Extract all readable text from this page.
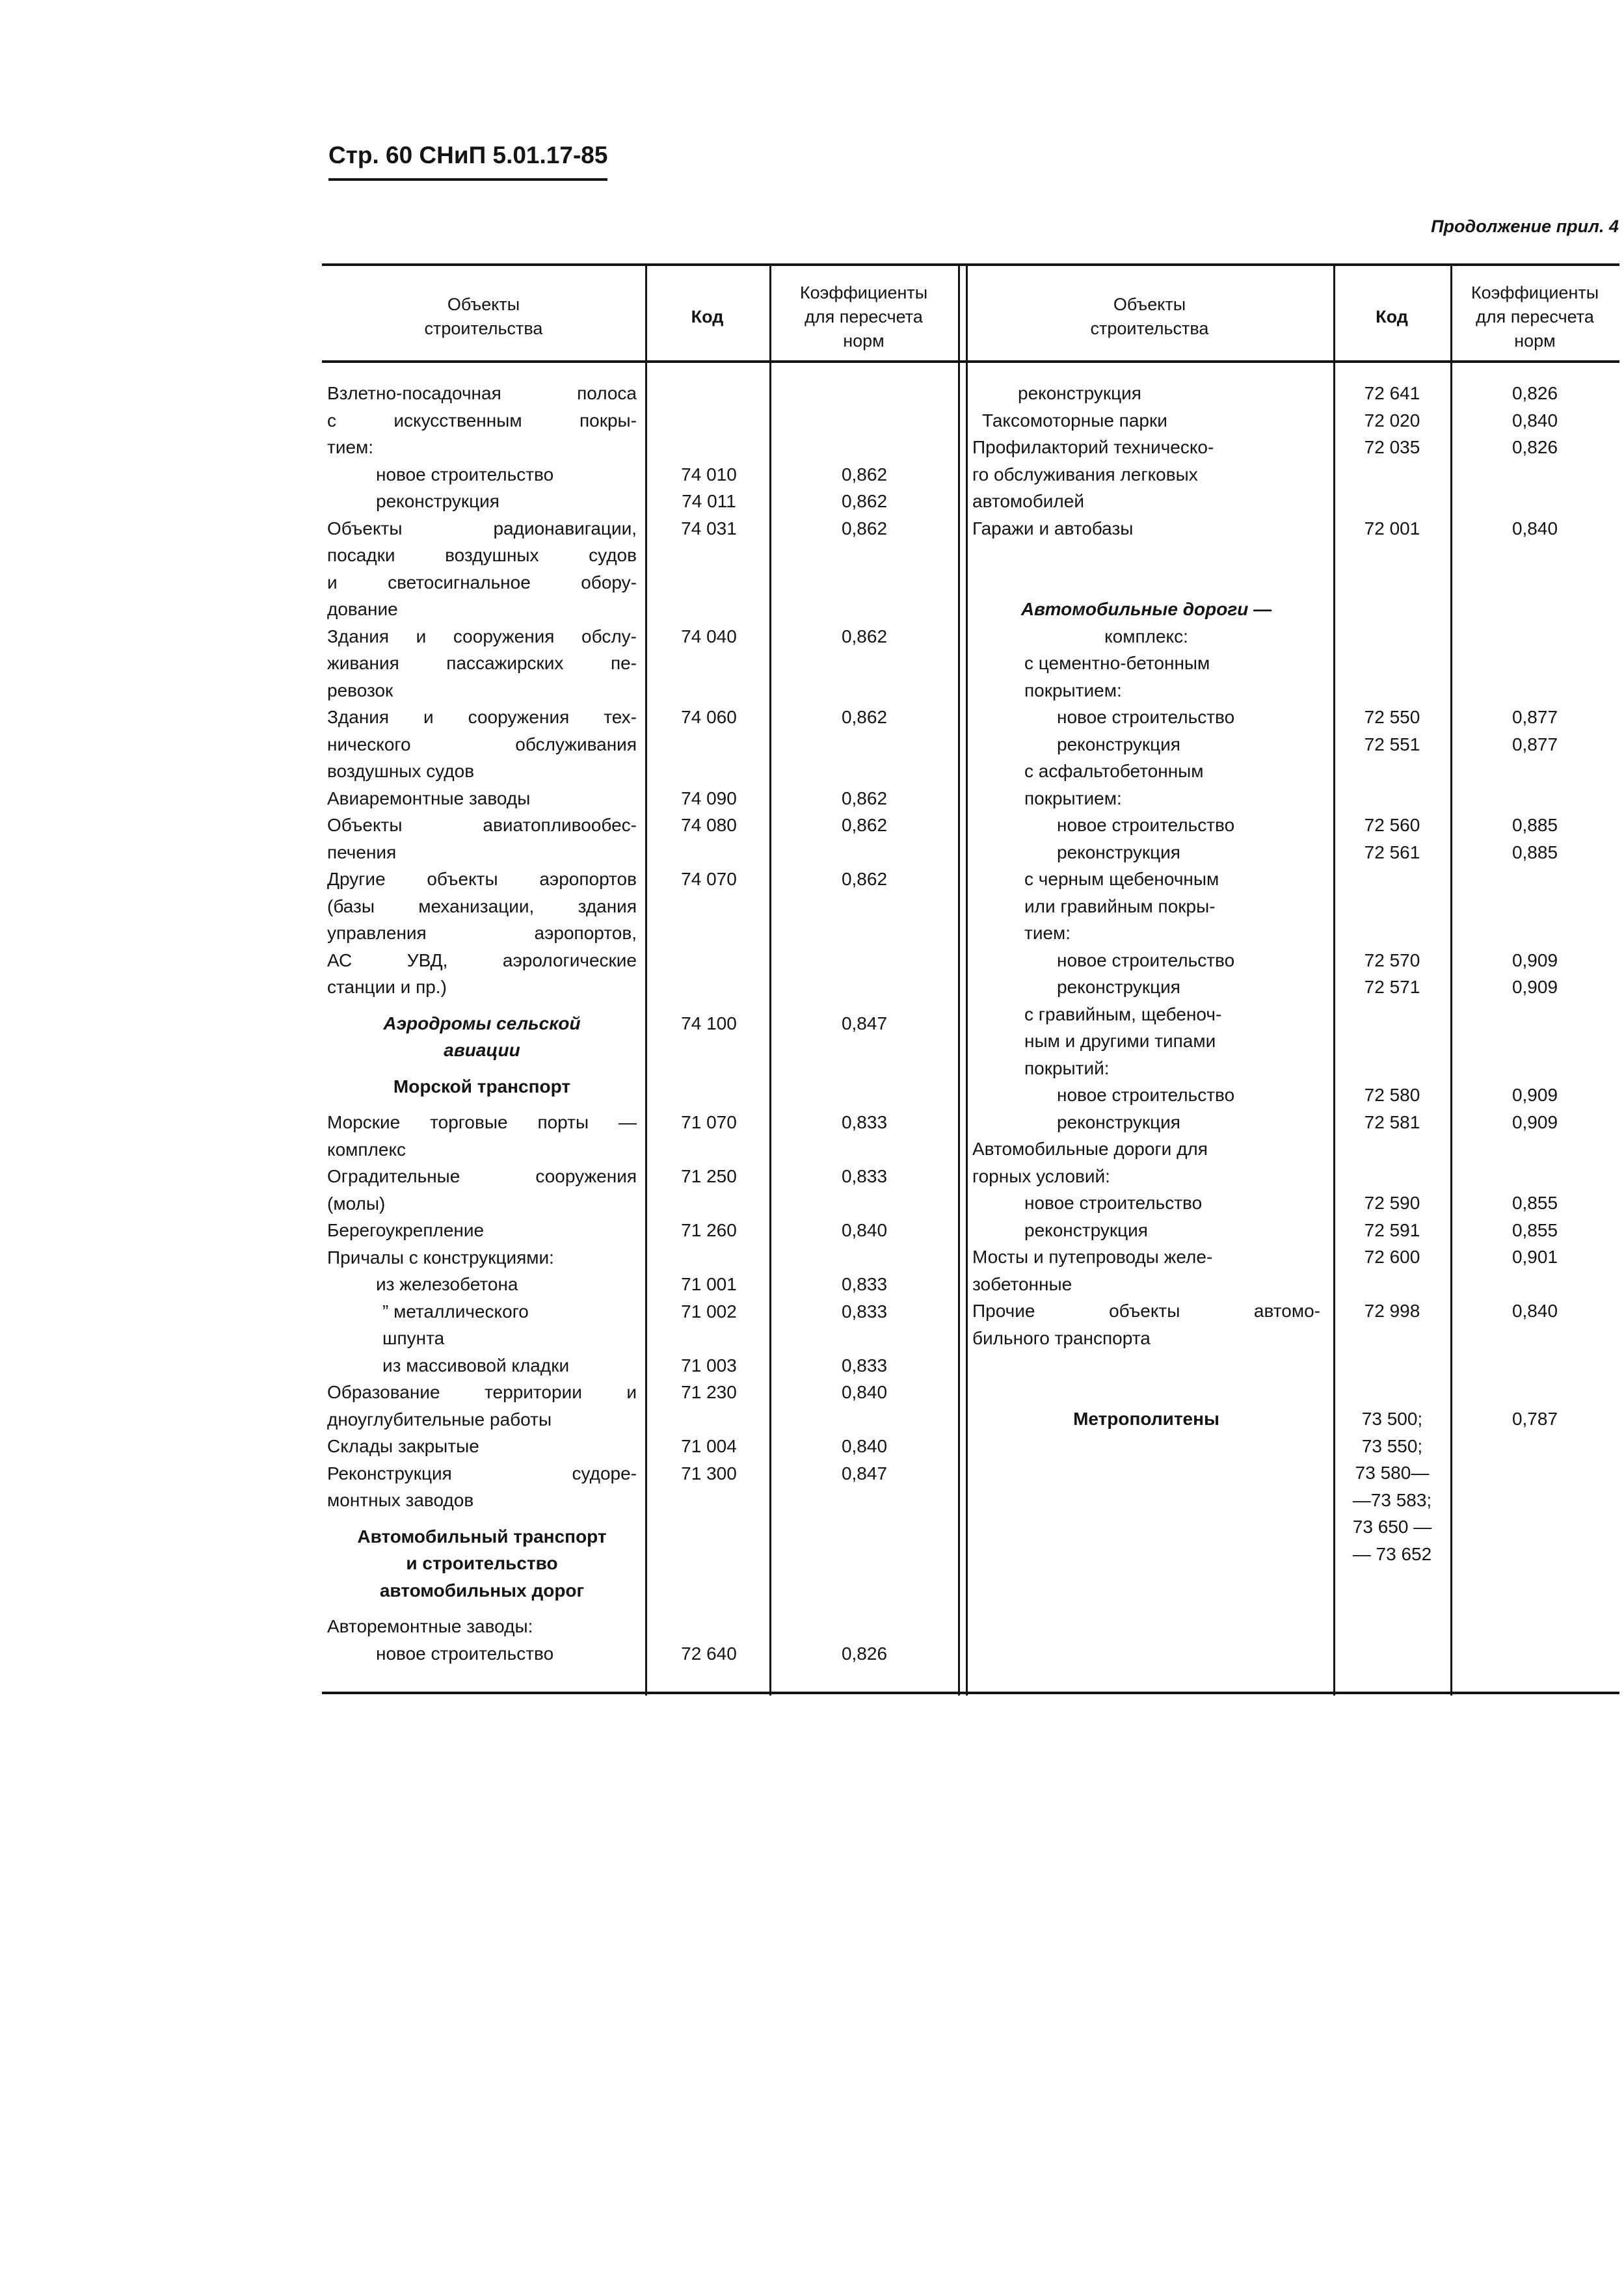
Стр. 60 СНиП 5.01.17-85
Продолжение прил. 4
Объекты
строительства
Код
Коэффициенты
для пересчета
норм
Объекты
строительства
Код
Коэффициенты
для пересчета
норм
Взлетно-посадочная полоса
с искусственным покры-
тием:
новое строительство	74 010	0,862
реконструкция	74 011	0,862
Объекты радионавигации,	74 031	0,862
посадки воздушных судов
и светосигнальное обору-
дование
Здания и сооружения обслу-	74 040	0,862
живания пассажирских пе-
ревозок
Здания и сооружения тех-	74 060	0,862
нического обслуживания
воздушных судов
Авиаремонтные заводы	74 090	0,862
Объекты авиатопливообес-	74 080	0,862
печения
Другие объекты аэропортов	74 070	0,862
(базы механизации, здания
управления аэропортов,
АС УВД, аэрологические
станции и пр.)
Аэродромы сельской	74 100	0,847
авиации
Морской транспорт
Морские торговые порты —	71 070	0,833
комплекс
Оградительные сооружения	71 250	0,833
(молы)
Берегоукрепление	71 260	0,840
Причалы с конструкциями:
из железобетона	71 001	0,833
” металлического	71 002	0,833
шпунта
из массивовой кладки	71 003	0,833
Образование территории и	71 230	0,840
дноуглубительные работы
Склады закрытые	71 004	0,840
Реконструкция судоре-	71 300	0,847
монтных заводов
Автомобильный транспорт
и строительство
автомобильных дорог
Авторемонтные заводы:
новое строительство	72 640	0,826
реконструкция	72 641	0,826
Таксомоторные парки	72 020	0,840
Профилакторий техническо-	72 035	0,826
го обслуживания легковых
автомобилей
Гаражи и автобазы	72 001	0,840
Автомобильные дороги —
комплекс:
с цементно-бетонным
покрытием:
новое строительство	72 550	0,877
реконструкция	72 551	0,877
с асфальтобетонным
покрытием:
новое строительство	72 560	0,885
реконструкция	72 561	0,885
с черным щебеночным
или гравийным покры-
тием:
новое строительство	72 570	0,909
реконструкция	72 571	0,909
с гравийным, щебеноч-
ным и другими типами
покрытий:
новое строительство	72 580	0,909
реконструкция	72 581	0,909
Автомобильные дороги для
горных условий:
новое строительство	72 590	0,855
реконструкция	72 591	0,855
Мосты и путепроводы желе-	72 600	0,901
зобетонные
Прочие объекты автомо-	72 998	0,840
бильного транспорта
Метрополитены	73 500;	0,787
73 550;
73 580—
—73 583;
73 650 —
— 73 652
